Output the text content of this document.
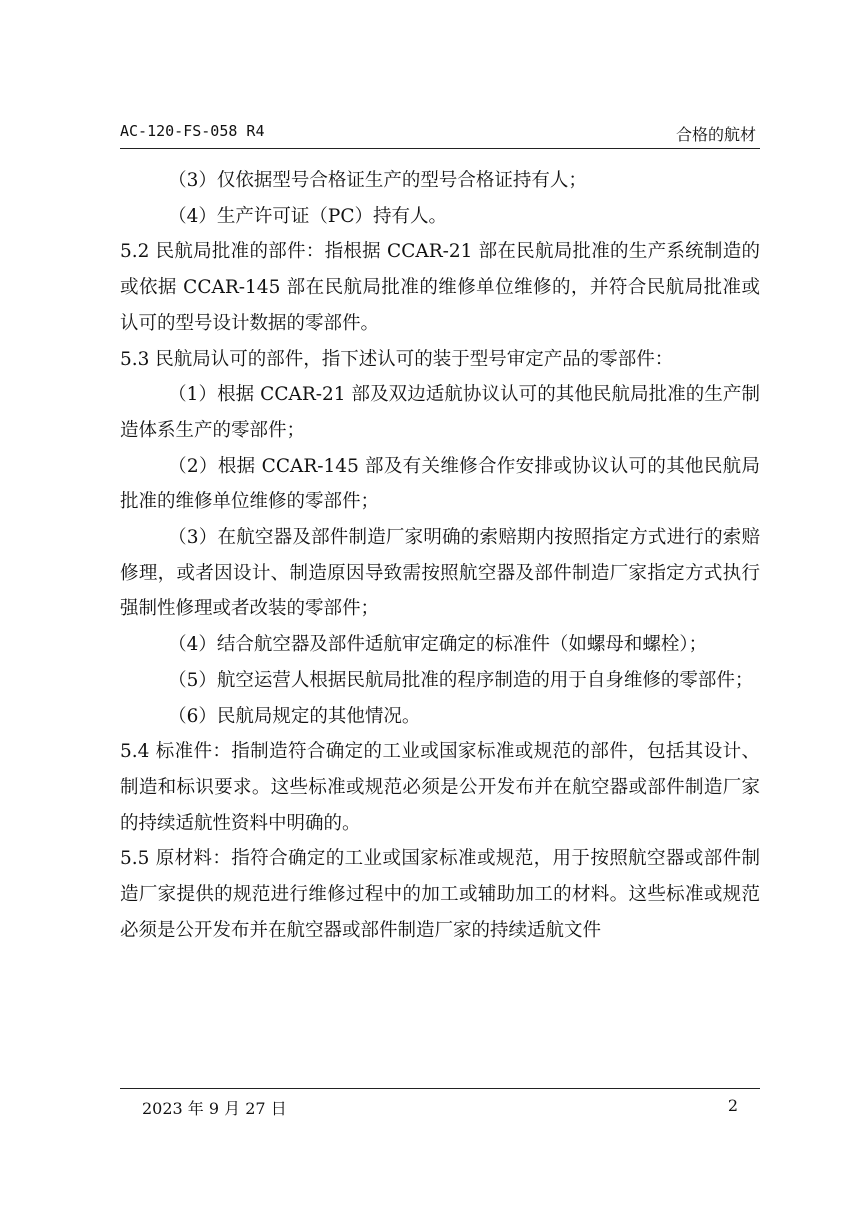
AC-120-FS-058 R4	合格的航材

（3）仅依据型号合格证生产的型号合格证持有人；

（4）生产许可证（PC）持有人。

5.2 民航局批准的部件：指根据 CCAR-21 部在民航局批准的生产系统制造的或依据 CCAR-145 部在民航局批准的维修单位维修的，并符合民航局批准或认可的型号设计数据的零部件。

5.3 民航局认可的部件，指下述认可的装于型号审定产品的零部件：

（1）根据 CCAR-21 部及双边适航协议认可的其他民航局批准的生产制造体系生产的零部件；

（2）根据 CCAR-145 部及有关维修合作安排或协议认可的其他民航局批准的维修单位维修的零部件；

（3）在航空器及部件制造厂家明确的索赔期内按照指定方式进行的索赔修理，或者因设计、制造原因导致需按照航空器及部件制造厂家指定方式执行强制性修理或者改装的零部件；

（4）结合航空器及部件适航审定确定的标准件（如螺母和螺栓）；

（5）航空运营人根据民航局批准的程序制造的用于自身维修的零部件；

（6）民航局规定的其他情况。

5.4 标准件：指制造符合确定的工业或国家标准或规范的部件，包括其设计、制造和标识要求。这些标准或规范必须是公开发布并在航空器或部件制造厂家的持续适航性资料中明确的。

5.5 原材料：指符合确定的工业或国家标准或规范，用于按照航空器或部件制造厂家提供的规范进行维修过程中的加工或辅助加工的材料。这些标准或规范必须是公开发布并在航空器或部件制造厂家的持续适航文件

2023 年 9 月 27 日	2
